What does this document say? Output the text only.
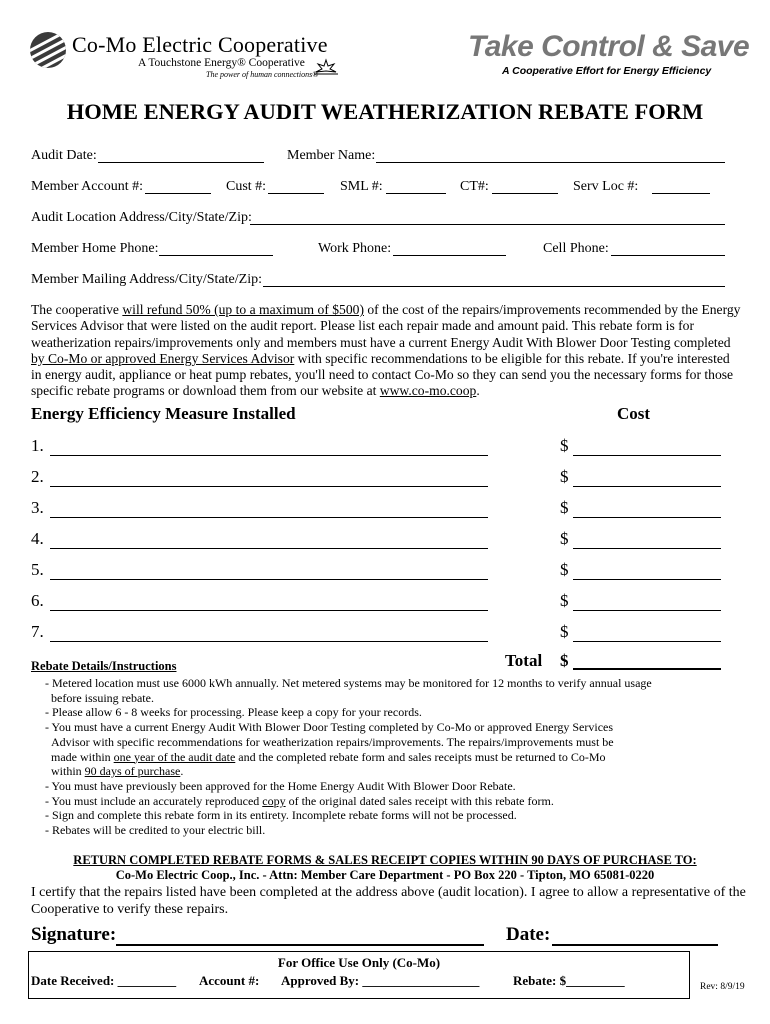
Co-Mo Electric Cooperative
A Touchstone Energy® Cooperative
The power of human connections®
Take Control & Save
A Cooperative Effort for Energy Efficiency
HOME ENERGY AUDIT WEATHERIZATION REBATE FORM
Audit Date:	Member Name:
Member Account #:	Cust #:	SML #:	CT#:	Serv Loc #:
Audit Location Address/City/State/Zip:
Member Home Phone:	Work Phone:	Cell Phone:
Member Mailing Address/City/State/Zip:
The cooperative will refund 50% (up to a maximum of $500) of the cost of the repairs/improvements recommended by the Energy Services Advisor that were listed on the audit report. Please list each repair made and amount paid. This rebate form is for weatherization repairs/improvements only and members must have a current Energy Audit With Blower Door Testing completed by Co-Mo or approved Energy Services Advisor with specific recommendations to be eligible for this rebate. If you're interested in energy audit, appliance or heat pump rebates, you'll need to contact Co-Mo so they can send you the necessary forms for those specific rebate programs or download them from our website at www.co-mo.coop.
Energy Efficiency Measure Installed	Cost
1.	$
2.	$
3.	$
4.	$
5.	$
6.	$
7.	$
Rebate Details/Instructions	Total $
- Metered location must use 6000 kWh annually. Net metered systems may be monitored for 12 months to verify annual usage
before issuing rebate.
- Please allow 6 - 8 weeks for processing. Please keep a copy for your records.
- You must have a current Energy Audit With Blower Door Testing completed by Co-Mo or approved Energy Services
Advisor with specific recommendations for weatherization repairs/improvements. The repairs/improvements must be
made within one year of the audit date and the completed rebate form and sales receipts must be returned to Co-Mo
within 90 days of purchase.
- You must have previously been approved for the Home Energy Audit With Blower Door Rebate.
- You must include an accurately reproduced copy of the original dated sales receipt with this rebate form.
- Sign and complete this rebate form in its entirety. Incomplete rebate forms will not be processed.
- Rebates will be credited to your electric bill.
RETURN COMPLETED REBATE FORMS & SALES RECEIPT COPIES WITHIN 90 DAYS OF PURCHASE TO:
Co-Mo Electric Coop., Inc. - Attn: Member Care Department - PO Box 220 - Tipton, MO 65081-0220
I certify that the repairs listed have been completed at the address above (audit location). I agree to allow a representative of the Cooperative to verify these repairs.
Signature:	Date:
For Office Use Only (Co-Mo)
Date Received: _________ Account #: Approved By: __________________	Rebate: $_________	Rev: 8/9/19
